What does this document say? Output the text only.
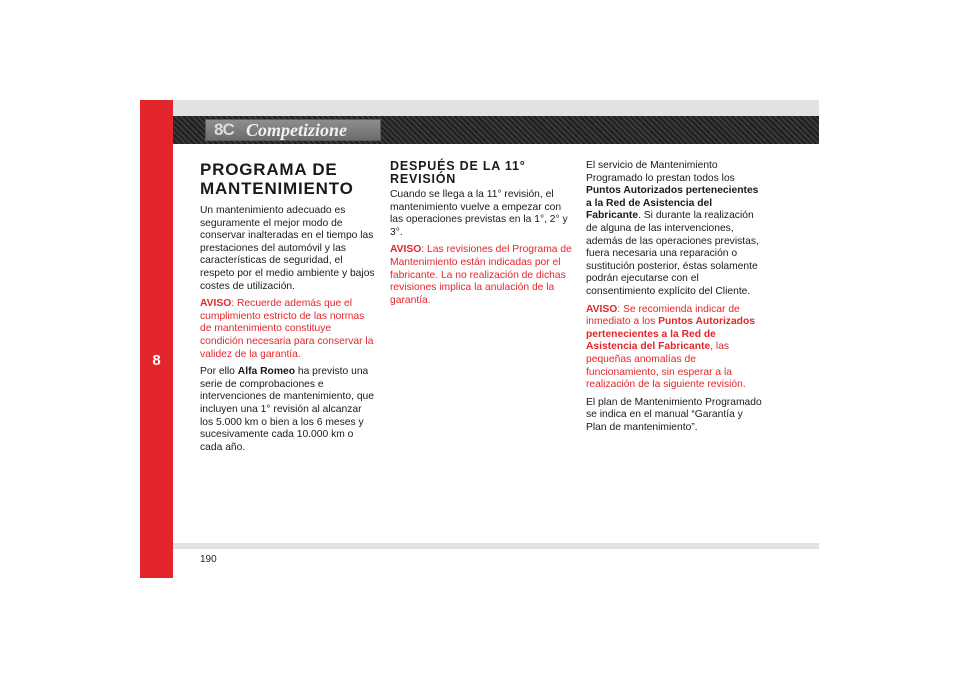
8
8C Competizione
PROGRAMA DE MANTENIMIENTO

Un mantenimiento adecuado es seguramente el mejor modo de conservar inalteradas en el tiempo las prestaciones del automóvil y las características de seguridad, el respeto por el medio ambiente y bajos costes de utilización.

AVISO: Recuerde además que el cumplimiento estricto de las normas de mantenimiento constituye condición necesaria para conservar la validez de la garantía.

Por ello Alfa Romeo ha previsto una serie de comprobaciones e intervenciones de mantenimiento, que incluyen una 1° revisión al alcanzar los 5.000 km o bien a los 6 meses y sucesivamente cada 10.000 km o cada año.

DESPUÉS DE LA 11° REVISIÓN

Cuando se llega a la 11° revisión, el mantenimiento vuelve a empezar con las operaciones previstas en la 1°, 2° y 3°.

AVISO: Las revisiones del Programa de Mantenimiento están indicadas por el fabricante. La no realización de dichas revisiones implica la anulación de la garantía.

El servicio de Mantenimiento Programado lo prestan todos los Puntos Autorizados pertenecientes a la Red de Asistencia del Fabricante. Si durante la realización de alguna de las intervenciones, además de las operaciones previstas, fuera necesaria una reparación o sustitución posterior, éstas solamente podrán ejecutarse con el consentimiento explícito del Cliente.

AVISO: Se recomienda indicar de inmediato a los Puntos Autorizados pertenecientes a la Red de Asistencia del Fabricante, las pequeñas anomalías de funcionamiento, sin esperar a la realización de la siguiente revisión.

El plan de Mantenimiento Programado se indica en el manual “Garantía y Plan de mantenimiento”.

190
